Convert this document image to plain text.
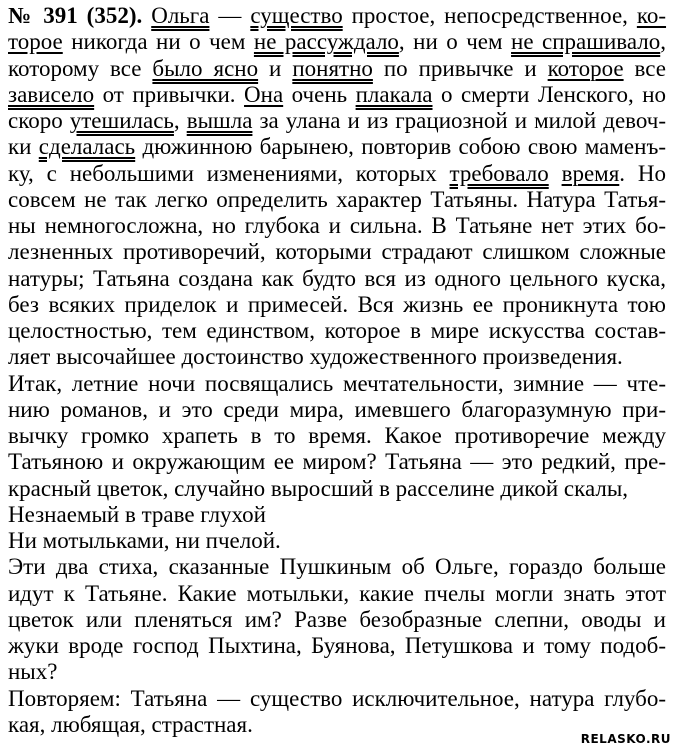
№ 391 (352). Ольга — существо простое, непосредственное, ко-
торое никогда ни о чем не рассуждало, ни о чем не спрашивало,
которому все было ясно и понятно по привычке и которое все
зависело от привычки. Она очень плакала о смерти Ленского, но
скоро утешилась, вышла за улана и из грациозной и милой девоч-
ки сделалась дюжинною барынею, повторив собою свою маменъ-
ку, с небольшими изменениями, которых требовало время. Но
совсем не так легко определить характер Татьяны. Натура Татья-
ны немногосложна, но глубока и сильна. В Татьяне нет этих бо-
лезненных противоречий, которыми страдают слишком сложные
натуры; Татьяна создана как будто вся из одного цельного куска,
без всяких приделок и примесей. Вся жизнь ее проникнута тою
целостностью, тем единством, которое в мире искусства состав-
ляет высочайшее достоинство художественного произведения.
Итак, летние ночи посвящались мечтательности, зимние — чте-
нию романов, и это среди мира, имевшего благоразумную при-
вычку громко храпеть в то время. Какое противоречие между
Татьяною и окружающим ее миром? Татьяна — это редкий, пре-
красный цветок, случайно выросший в расселине дикой скалы,
Незнаемый в траве глухой
Ни мотыльками, ни пчелой.
Эти два стиха, сказанные Пушкиным об Ольге, гораздо больше
идут к Татьяне. Какие мотыльки, какие пчелы могли знать этот
цветок или пленяться им? Разве безобразные слепни, оводы и
жуки вроде господ Пыхтина, Буянова, Петушкова и тому подоб-
ных?
Повторяем: Татьяна — существо исключительное, натура глубо-
кая, любящая, страстная.
RELASKO.RU
